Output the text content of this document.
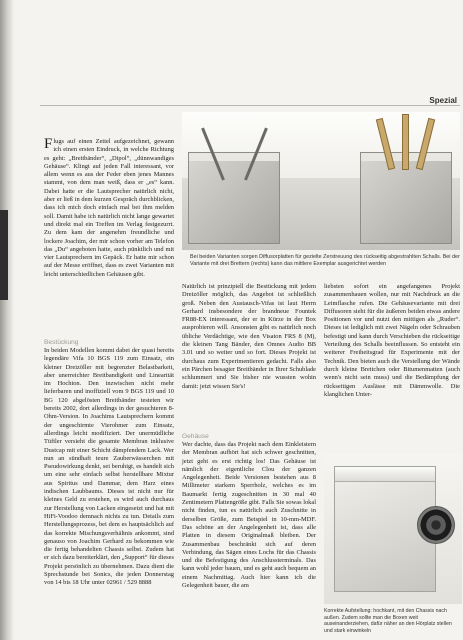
Spezial
Bei beiden Varianten sorgen Diffusorplatten für gezielte Zerstreuung des rückseitig abgestrahlten Schalls. Bei der Variante mit drei Brettern (rechts) kann das mittlere Exemplar ausgerichtet werden

Flugs auf einen Zettel aufgezeichnet, gewann ich einen ersten Eindruck, in welche Richtung es geht: „Breitbänder“, „Dipol“, „dünnwandiges Gehäuse“. Klingt auf jeden Fall interessant, vor allem wenn es aus der Feder eben jenes Mannes stammt, von dem man weiß, dass er „es“ kann. Dabei hatte er die Lautsprecher natürlich nicht, aber er ließ in dem kurzen Gespräch durchblicken, dass ich mich doch einfach mal bei ihm melden soll. Damit habe ich natürlich nicht lange gewartet und direkt mal ein Treffen im Verlag festgezurrt. Zu dem kam der angenehm freundliche und lockere Joachim, der mir schon vorher am Telefon das „Du“ angeboten hatte, auch pünktlich und mit vier Lautsprechern im Gepäck. Er hatte mir schon auf der Messe eröffnet, dass es zwei Varianten mit leicht unterschiedlichen Gehäusen gibt.

Bestückung

In beiden Modellen kommt dabei der quasi bereits legendäre Vifa 10 BGS 119 zum Einsatz, ein kleiner Dreizöller mit begrenzter Belastbarkeit, aber unerreichter Breitbandigkeit und Linearität im Hochton. Den inzwischen nicht mehr lieferbaren und inoffiziell vom 9 BGS 119 und 10 BG 120 abgelösten Breitbänder testeten wir bereits 2002, dort allerdings in der gesuchteren 8-Ohm-Version. In Joachims Lautsprechern kommt der ungeschirmte Vierohmer zum Einsatz, allerdings leicht modifiziert. Der unermüdliche Tüftler versieht die gesamte Membran inklusive Dustcap mit einer Schicht dämpfendem Lack. Wer nun an sündhaft teure Zauberwässerchen mit Pseudowirkung denkt, sei beruhigt, es handelt sich um eine sehr einfach selbst herstellbare Mixtur aus Spiritus und Dammar, dem Harz eines indischen Laubbaums. Dieses ist nicht nur für kleines Geld zu erstehen, es wird auch durchaus zur Herstellung von Lacken eingesetzt und hat mit HiFi-Voodoo demnach nichts zu tun. Details zum Herstellungsprozess, bei dem es hauptsächlich auf das korrekte Mischungsverhältnis ankommt, sind genauso von Joachim Gerhard zu bekommen wie die fertig behandelten Chassis selbst. Zudem hat er sich dazu bereiterklärt, den „Support“ für dieses Projekt persönlich zu übernehmen. Dazu dient die Sprechstunde bei Sonics, die jeden Donnerstag von 14 bis 18 Uhr unter 02961 / 529 8888

Natürlich ist prinzipiell die Bestückung mit jedem Dreizöller möglich, das Angebot ist schließlich groß. Neben den Austausch-Vifas ist laut Herrn Gerhard insbesondere der brandneue Fountek FR88-EX interessant, der er in Kürze in der Box ausprobieren will. Ansonsten gibt es natürlich noch übliche Verdächtige, wie den Visaton FRS 8 (M), die kleinen Tang Bänder, den Omnes Audio BB 3.01 und so weiter und so fort. Dieses Projekt ist durchaus zum Experimentieren gedacht. Falls also ein Pärchen besagter Breitbänder in Ihrer Schublade schlummert und Sie bisher nie wussten wohin damit: jetzt wissen Sie's!

Gehäuse

Wer dachte, dass das Projekt nach dem Einkleistern der Membran aufhört hat sich schwer geschnitten, jetzt geht es erst richtig los! Das Gehäuse ist nämlich der eigentliche Clou der ganzen Angelegenheit. Beide Versionen bestehen aus 8 Millimeter starkem Sperrholz, welches es im Baumarkt fertig zugeschnitten in 30 mal 40 Zentimetern Plattengröße gibt. Falls Sie sowas lokal nicht finden, tun es natürlich auch Zuschnitte in derselben Größe, zum Beispiel in 10-mm-MDF. Das schöne an der Angelegenheit ist, dass alle Platten in diesem Originalmaß bleiben. Der Zusammenbau beschränkt sich auf deren Verbindung, das Sägen eines Lochs für das Chassis und die Befestigung des Anschlussterminals. Das kann wohl jeder bauen, und es geht auch bequem an einem Nachmittag. Auch hier kann ich die Gelegenheit bauer, die am

liebsten sofort ein angefangenes Projekt zusammenhauen wollen, nur mit Nachdruck an die Leimflasche rufen. Die Gehäusevariante mit drei Diffusoren sieht für die äußeren beiden etwas andere Positionen vor und nutzt den mittigen als „Ruder“. Dieses ist lediglich mit zwei Nägeln oder Schrauben befestigt und kann durch Verschieben die rückseitige Verteilung des Schalls beeinflussen. So entsteht ein weiterer Freiheitsgrad für Experimente mit der Technik. Den bieten auch die Verstellung der Wände durch kleine Brettchen oder Bitumenmatten (auch wenn's nicht sein muss) und die Bedämpfung der rückseitigen Auslässe mit Dämmwolle. Die klanglichen Unter-

Korrekte Aufstellung: hochkant, mit den Chassis nach außen. Zudem sollte man die Boxen weit auseinanderziehen, dafür näher an den Hörplatz stellen und stark einwinkeln
